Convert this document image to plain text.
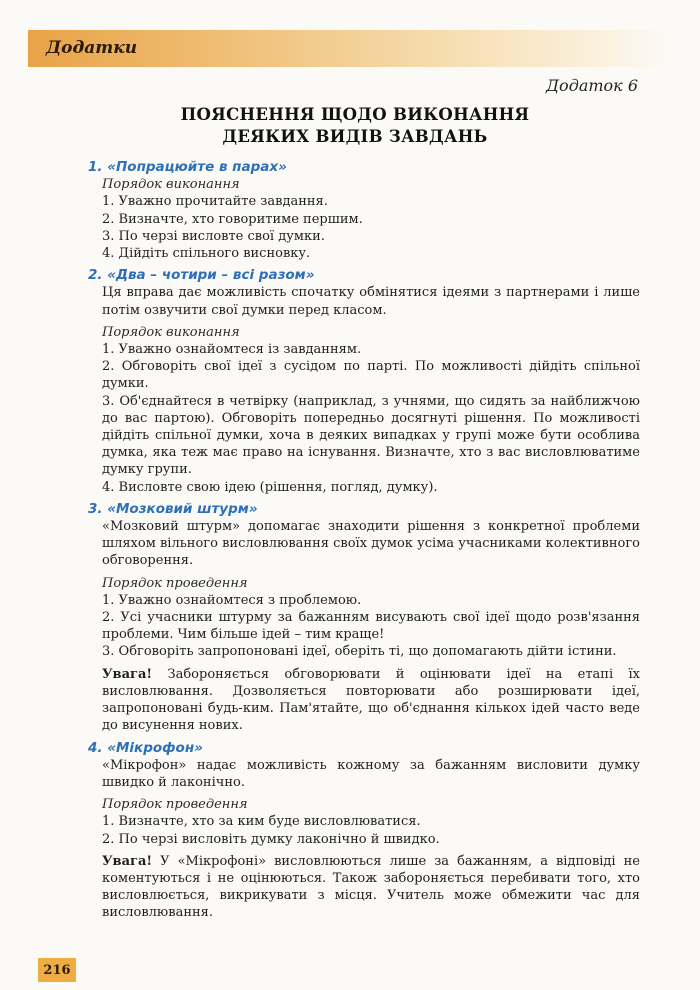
Додатки
Додаток 6
ПОЯСНЕННЯ ЩОДО ВИКОНАННЯ
ДЕЯКИХ ВИДІВ ЗАВДАНЬ

1. «Попрацюйте в парах»

Порядок виконання

1. Уважно прочитайте завдання.
2. Визначте, хто говоритиме першим.
3. По черзі висловте свої думки.
4. Дійдіть спільного висновку.

2. «Два – чотири – всі разом»

Ця вправа дає можливість спочатку обмінятися ідеями з партнерами і лише потім озвучити свої думки перед класом.

Порядок виконання

1. Уважно ознайомтеся із завданням.
2. Обговоріть свої ідеї з сусідом по парті. По можливості дійдіть спільної думки.
3. Об'єднайтеся в четвірку (наприклад, з учнями, що сидять за найближчою до вас партою). Обговоріть попередньо досягнуті рішення. По можливості дійдіть спільної думки, хоча в деяких випадках у групі може бути особлива думка, яка теж має право на існування. Визначте, хто з вас висловлюватиме думку групи.
4. Висловте свою ідею (рішення, погляд, думку).

3. «Мозковий штурм»

«Мозковий штурм» допомагає знаходити рішення з конкретної проблеми шляхом вільного висловлювання своїх думок усіма учасниками колективного обговорення.

Порядок проведення

1. Уважно ознайомтеся з проблемою.
2. Усі учасники штурму за бажанням висувають свої ідеї щодо розв'язання проблеми. Чим більше ідей – тим краще!
3. Обговоріть запропоновані ідеї, оберіть ті, що допомагають дійти істини.

Увага! Забороняється обговорювати й оцінювати ідеї на етапі їх висловлювання. Дозволяється повторювати або розширювати ідеї, запропоновані будь-ким. Пам'ятайте, що об'єднання кількох ідей часто веде до висунення нових.

4. «Мікрофон»

«Мікрофон» надає можливість кожному за бажанням висловити думку швидко й лаконічно.

Порядок проведення

1. Визначте, хто за ким буде висловлюватися.
2. По черзі висловіть думку лаконічно й швидко.

Увага! У «Мікрофоні» висловлюються лише за бажанням, а відповіді не коментуються і не оцінюються. Також забороняється перебивати того, хто висловлюється, викрикувати з місця. Учитель може обмежити час для висловлювання.

216
